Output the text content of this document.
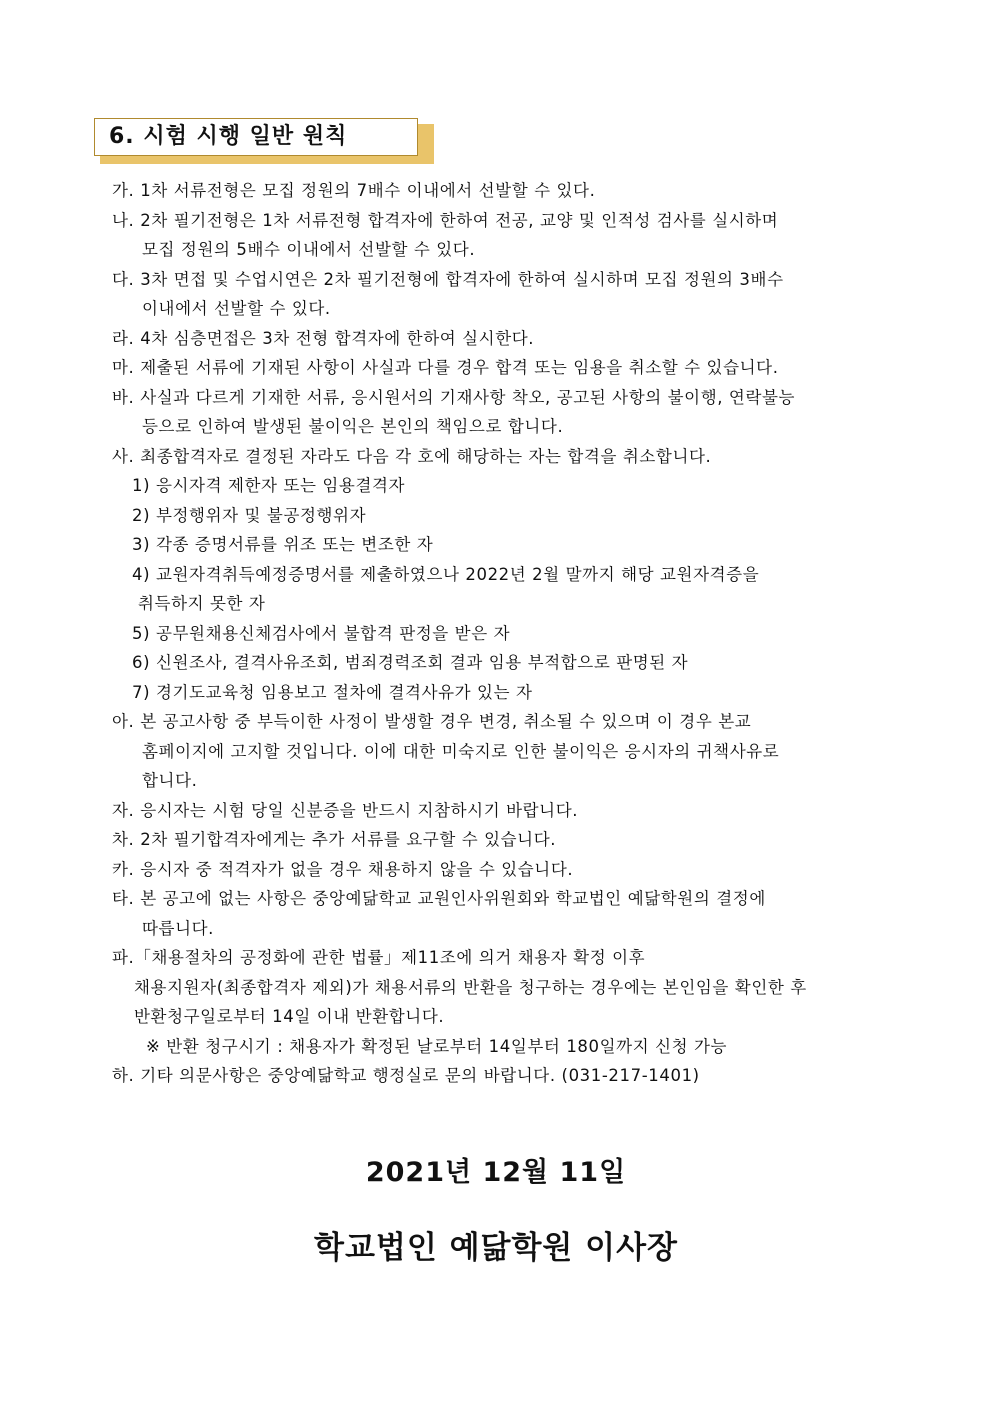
6. 시험 시행 일반 원칙
가. 1차 서류전형은 모집 정원의 7배수 이내에서 선발할 수 있다.
나. 2차 필기전형은 1차 서류전형 합격자에 한하여 전공, 교양 및 인적성 검사를 실시하며
모집 정원의 5배수 이내에서 선발할 수 있다.
다. 3차 면접 및 수업시연은 2차 필기전형에 합격자에 한하여 실시하며 모집 정원의 3배수
이내에서 선발할 수 있다.
라. 4차 심층면접은 3차 전형 합격자에 한하여 실시한다.
마. 제출된 서류에 기재된 사항이 사실과 다를 경우 합격 또는 임용을 취소할 수 있습니다.
바. 사실과 다르게 기재한 서류, 응시원서의 기재사항 착오, 공고된 사항의 불이행, 연락불능
등으로 인하여 발생된 불이익은 본인의 책임으로 합니다.
사. 최종합격자로 결정된 자라도 다음 각 호에 해당하는 자는 합격을 취소합니다.
1) 응시자격 제한자 또는 임용결격자
2) 부정행위자 및 불공정행위자
3) 각종 증명서류를 위조 또는 변조한 자
4) 교원자격취득예정증명서를 제출하였으나 2022년 2월 말까지 해당 교원자격증을
취득하지 못한 자
5) 공무원채용신체검사에서 불합격 판정을 받은 자
6) 신원조사, 결격사유조회, 범죄경력조회 결과 임용 부적합으로 판명된 자
7) 경기도교육청 임용보고 절차에 결격사유가 있는 자
아. 본 공고사항 중 부득이한 사정이 발생할 경우 변경, 취소될 수 있으며 이 경우 본교
홈페이지에 고지할 것입니다. 이에 대한 미숙지로 인한 불이익은 응시자의 귀책사유로
합니다.
자. 응시자는 시험 당일 신분증을 반드시 지참하시기 바랍니다.
차. 2차 필기합격자에게는 추가 서류를 요구할 수 있습니다.
카. 응시자 중 적격자가 없을 경우 채용하지 않을 수 있습니다.
타. 본 공고에 없는 사항은 중앙예닮학교 교원인사위원회와 학교법인 예닮학원의 결정에
따릅니다.
파.「채용절차의 공정화에 관한 법률」제11조에 의거 채용자 확정 이후
채용지원자(최종합격자 제외)가 채용서류의 반환을 청구하는 경우에는 본인임을 확인한 후
반환청구일로부터 14일 이내 반환합니다.
※ 반환 청구시기 : 채용자가 확정된 날로부터 14일부터 180일까지 신청 가능
하. 기타 의문사항은 중앙예닮학교 행정실로 문의 바랍니다. (031-217-1401)
2021년 12월 11일
학교법인 예닮학원 이사장
